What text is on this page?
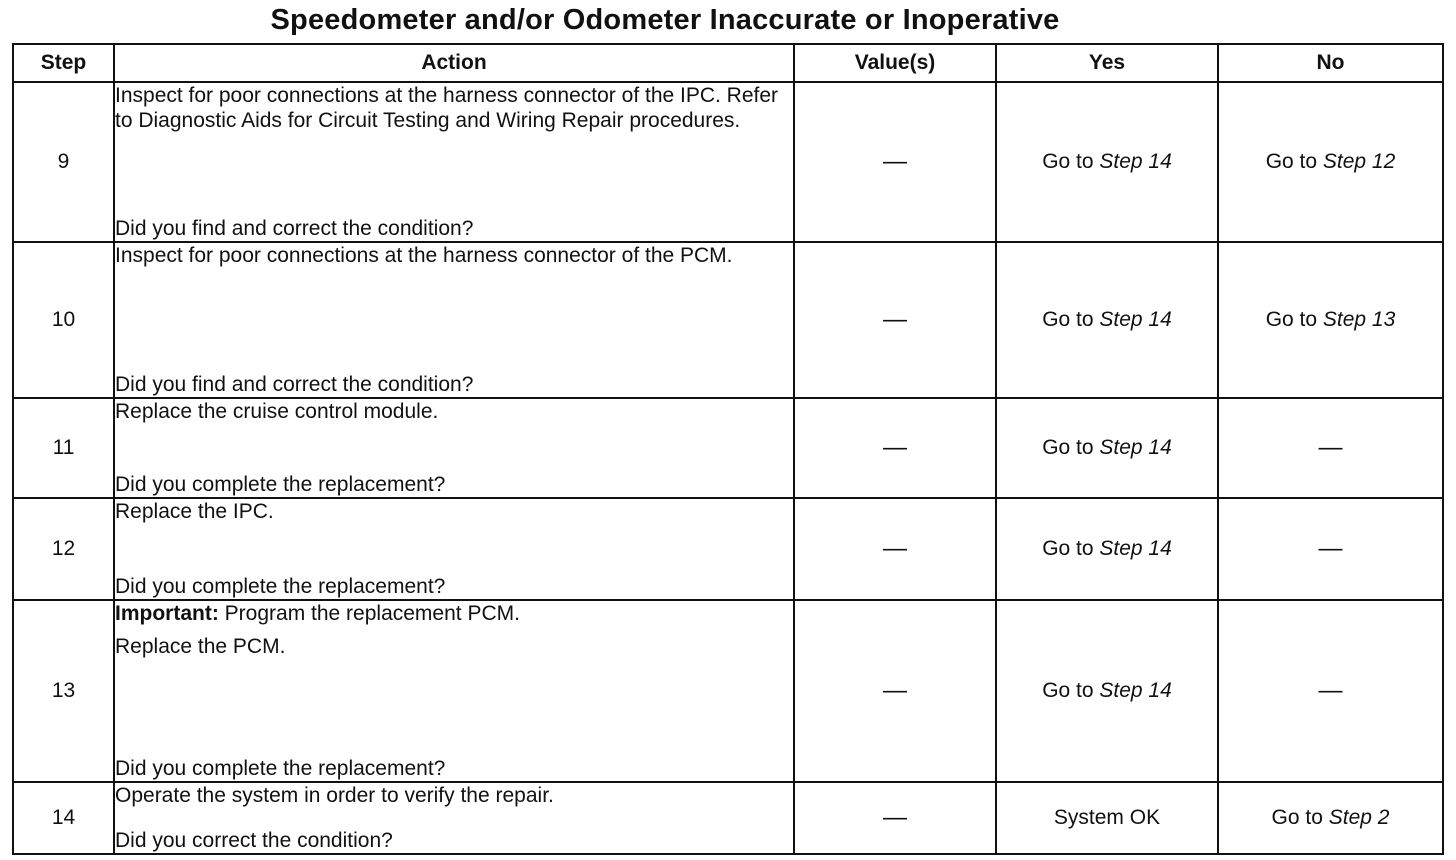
Speedometer and/or Odometer Inaccurate or Inoperative
Step	Action	Value(s)	Yes	No
9	Inspect for poor connections at the harness connector of the IPC. Refer to Diagnostic Aids for Circuit Testing and Wiring Repair procedures.

Did you find and correct the condition?	—	Go to Step 14	Go to Step 12
10	Inspect for poor connections at the harness connector of the PCM.

Did you find and correct the condition?	—	Go to Step 14	Go to Step 13
11	Replace the cruise control module.

Did you complete the replacement?	—	Go to Step 14	—
12	Replace the IPC.

Did you complete the replacement?	—	Go to Step 14	—
13	Important: Program the replacement PCM.

Replace the PCM.

Did you complete the replacement?	—	Go to Step 14	—
14	Operate the system in order to verify the repair.

Did you correct the condition?	—	System OK	Go to Step 2
